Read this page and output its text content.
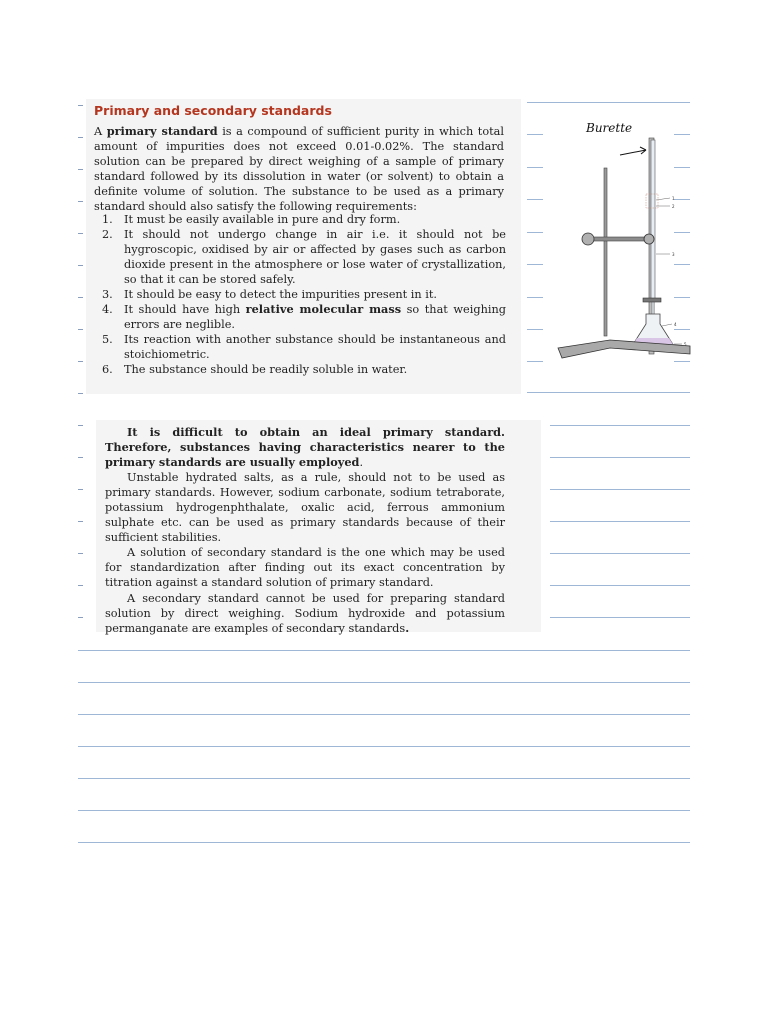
Primary and secondary standards

A primary standard is a compound of sufficient purity in which total amount of impurities does not exceed 0.01-0.02%. The standard solution can be prepared by direct weighing of a sample of primary standard followed by its dissolution in water (or solvent) to obtain a definite volume of solution. The substance to be used as a primary standard should also satisfy the following requirements:

1. It must be easily available in pure and dry form.
2. It should not undergo change in air i.e. it should not be hygroscopic, oxidised by air or affected by gases such as carbon dioxide present in the atmosphere or lose water of crystallization, so that it can be stored safely.
3. It should be easy to detect the impurities present in it.
4. It should have high relative molecular mass so that weighing errors are neglible.
5. Its reaction with another substance should be instantaneous and stoichiometric.
6. The substance should be readily soluble in water.

It is difficult to obtain an ideal primary standard. Therefore, substances having characteristics nearer to the primary standards are usually employed.

Unstable hydrated salts, as a rule, should not to be used as primary standards. However, sodium carbonate, sodium tetraborate, potassium hydrogenphthalate, oxalic acid, ferrous ammonium sulphate etc. can be used as primary standards because of their sufficient stabilities.

A solution of secondary standard is the one which may be used for standardization after finding out its exact concentration by titration against a standard solution of primary standard.

A secondary standard cannot be used for preparing standard solution by direct weighing. Sodium hydroxide and potassium permanganate are examples of secondary standards.

Burette
1
2
3
4
5
